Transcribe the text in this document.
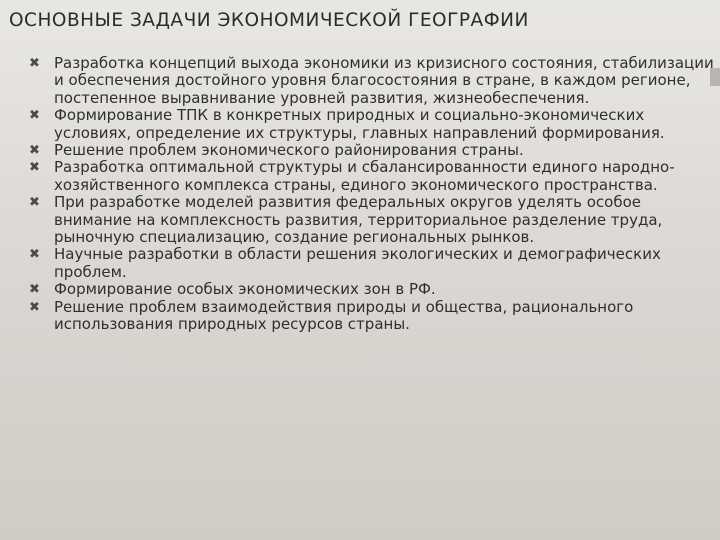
ОСНОВНЫЕ ЗАДАЧИ ЭКОНОМИЧЕСКОЙ ГЕОГРАФИИ
✖ Разработка концепций выхода экономики из кризисного состояния, стабилизации и обеспечения достойного уровня благосостояния в стране, в каждом регионе, постепенное выравнивание уровней развития, жизнеобеспечения.
✖ Формирование ТПК в конкретных природных и социально-экономических условиях, определение их структуры, главных направлений формирования.
✖ Решение проблем экономического районирования страны.
✖ Разработка оптимальной структуры и сбалансированности единого народно-хозяйственного комплекса страны, единого экономического пространства.
✖ При разработке моделей развития федеральных округов уделять особое внимание на комплексность развития, территориальное разделение труда, рыночную специализацию, создание региональных рынков.
✖ Научные разработки в области решения экологических и демографических проблем.
✖ Формирование особых экономических зон в РФ.
✖ Решение проблем взаимодействия природы и общества, рационального использования природных ресурсов страны.
